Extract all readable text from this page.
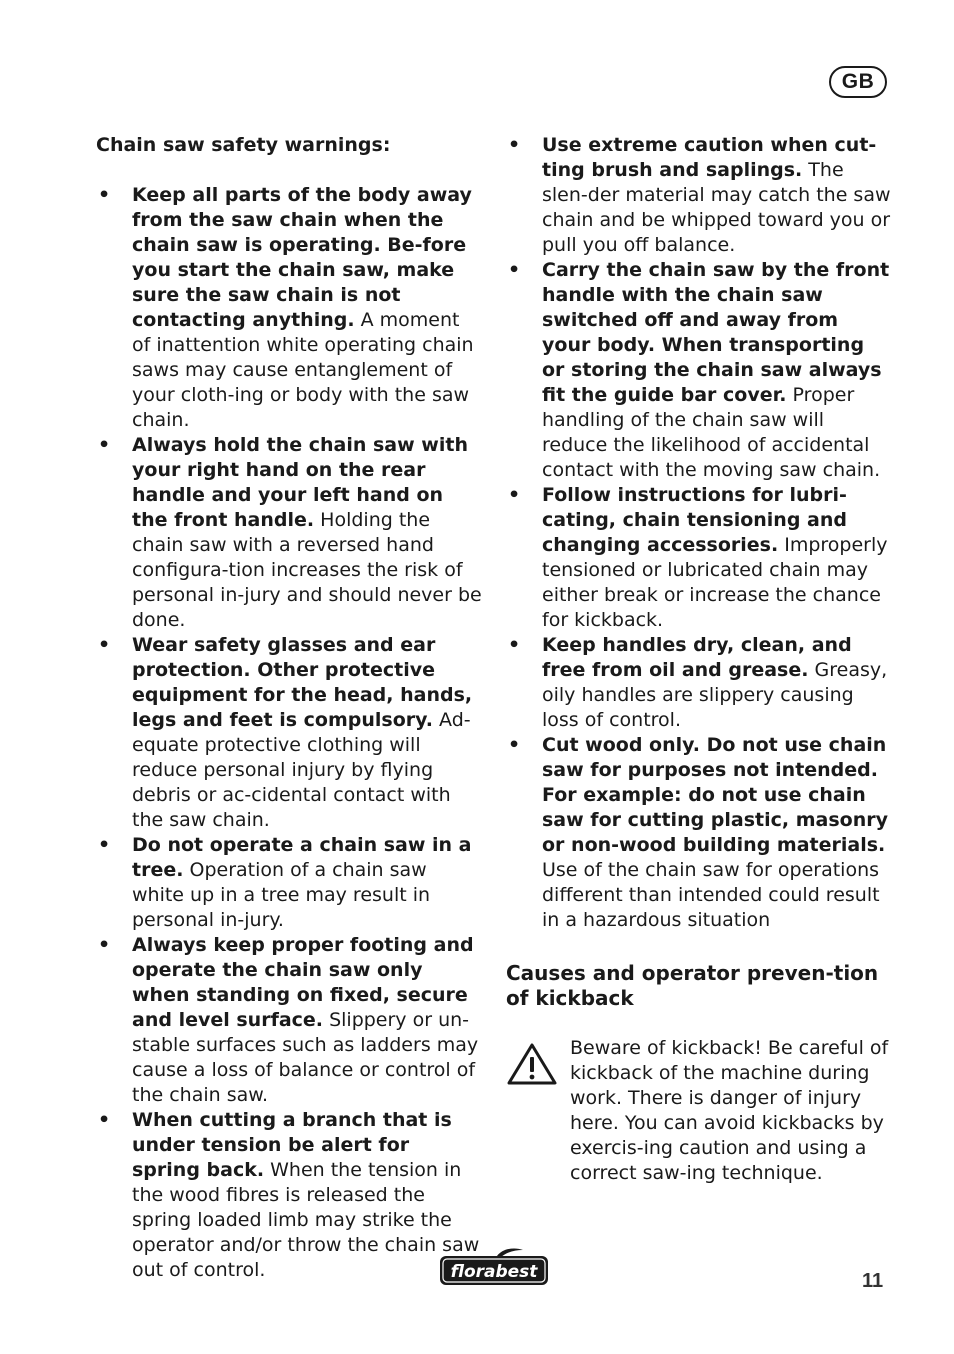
GB

Chain saw safety warnings:

• Keep all parts of the body away from the saw chain when the chain saw is operating. Be-fore you start the chain saw, make sure the saw chain is not contacting anything. A moment of inattention white operating chain saws may cause entanglement of your cloth-ing or body with the saw chain.
• Always hold the chain saw with your right hand on the rear handle and your left hand on the front handle. Holding the chain saw with a reversed hand configura-tion increases the risk of personal in-jury and should never be done.
• Wear safety glasses and ear protection. Other protective equipment for the head, hands, legs and feet is compulsory. Ad-equate protective clothing will reduce personal injury by flying debris or ac-cidental contact with the saw chain.
• Do not operate a chain saw in a tree. Operation of a chain saw white up in a tree may result in personal in-jury.
• Always keep proper footing and operate the chain saw only when standing on fixed, secure and level surface. Slippery or un-stable surfaces such as ladders may cause a loss of balance or control of the chain saw.
• When cutting a branch that is under tension be alert for spring back. When the tension in the wood fibres is released the spring loaded limb may strike the operator and/or throw the chain saw out of control.
• Use extreme caution when cut-ting brush and saplings. The slen-der material may catch the saw chain and be whipped toward you or pull you off balance.
• Carry the chain saw by the front handle with the chain saw switched off and away from your body. When transporting or storing the chain saw always fit the guide bar cover. Proper handling of the chain saw will reduce the likelihood of accidental contact with the moving saw chain.
• Follow instructions for lubri-cating, chain tensioning and changing accessories. Improperly tensioned or lubricated chain may either break or increase the chance for kickback.
• Keep handles dry, clean, and free from oil and grease. Greasy, oily handles are slippery causing loss of control.
• Cut wood only. Do not use chain saw for purposes not intended. For example: do not use chain saw for cutting plastic, masonry or non-wood building materials. Use of the chain saw for operations different than intended could result in a hazardous situation
Causes and operator preven-tion of kickback
Beware of kickback! Be careful of kickback of the machine during work. There is danger of injury here. You can avoid kickbacks by exercis-ing caution and using a correct saw-ing technique.
florabest	11
